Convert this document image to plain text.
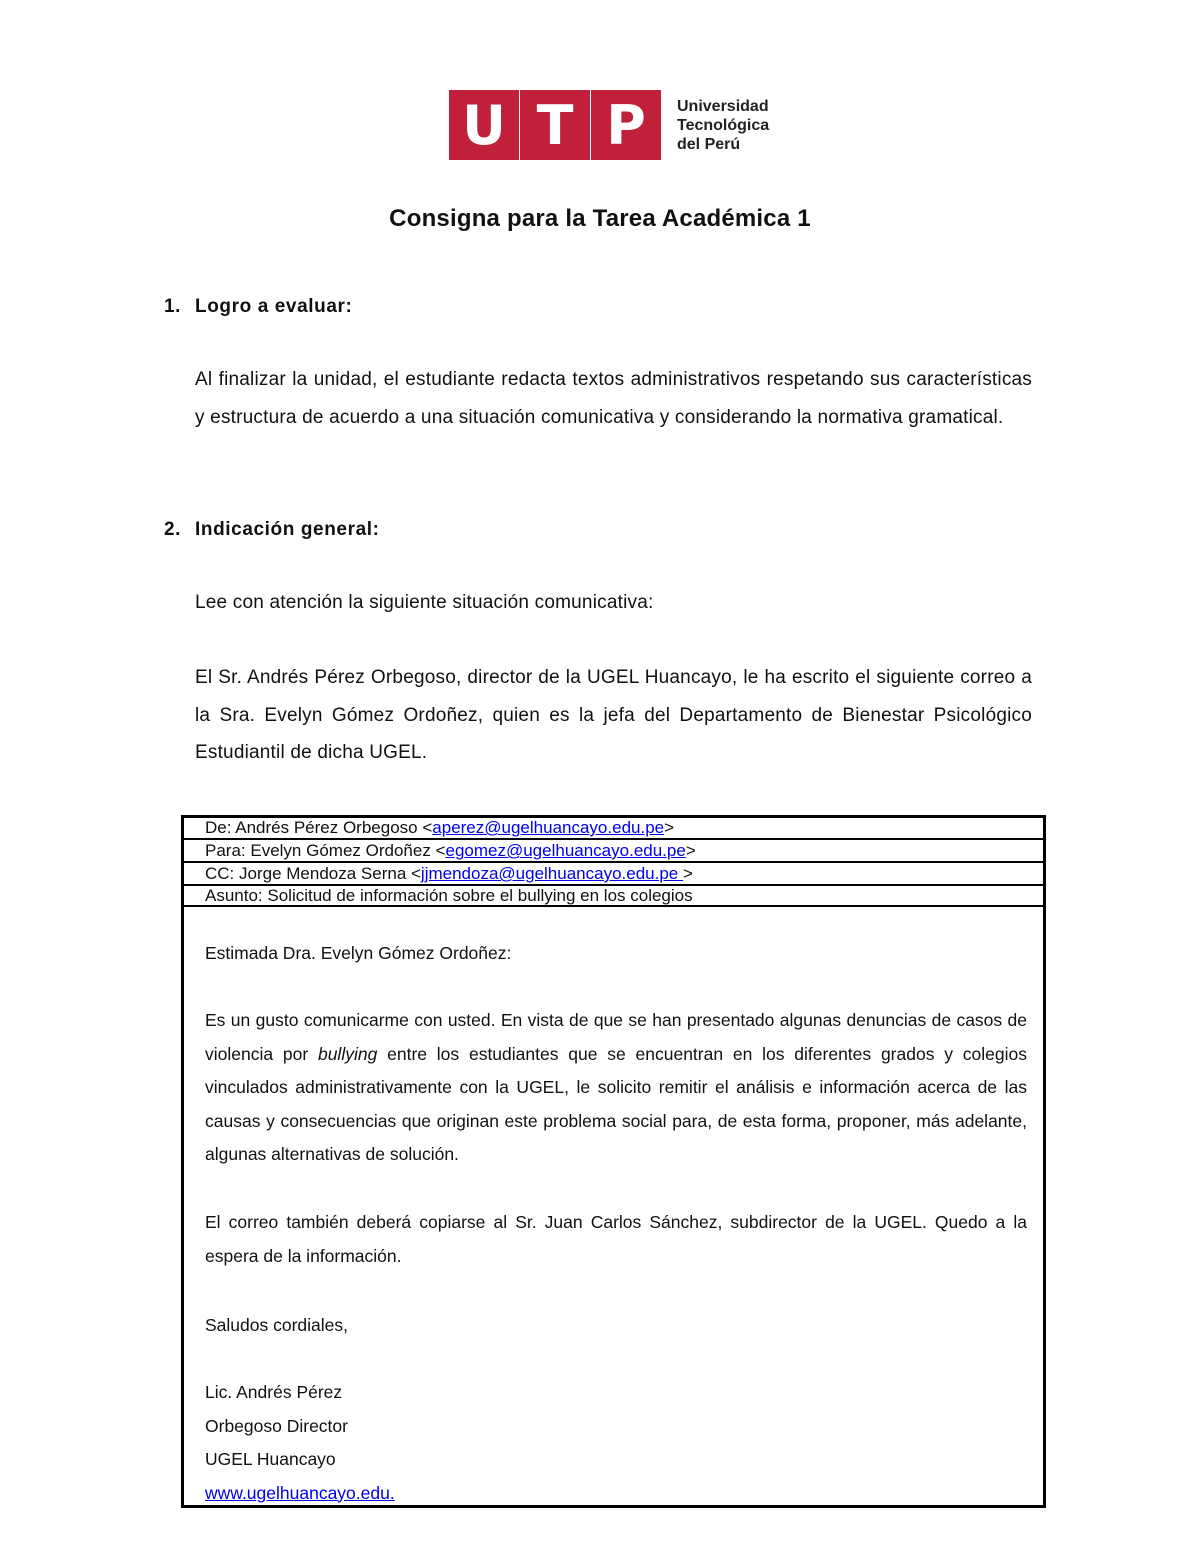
U T P	Universidad
Tecnológica
del Perú
Consigna para la Tarea Académica 1
1. Logro a evaluar:
Al finalizar la unidad, el estudiante redacta textos administrativos respetando sus características y estructura de acuerdo a una situación comunicativa y considerando la normativa gramatical.
2. Indicación general:
Lee con atención la siguiente situación comunicativa:
El Sr. Andrés Pérez Orbegoso, director de la UGEL Huancayo, le ha escrito el siguiente correo a la Sra. Evelyn Gómez Ordoñez, quien es la jefa del Departamento de Bienestar Psicológico Estudiantil de dicha UGEL.
De: Andrés Pérez Orbegoso <aperez@ugelhuancayo.edu.pe>
Para: Evelyn Gómez Ordoñez <egomez@ugelhuancayo.edu.pe>
CC: Jorge Mendoza Serna <jjmendoza@ugelhuancayo.edu.pe >
Asunto: Solicitud de información sobre el bullying en los colegios
Estimada Dra. Evelyn Gómez Ordoñez:
Es un gusto comunicarme con usted. En vista de que se han presentado algunas denuncias de casos de violencia por bullying entre los estudiantes que se encuentran en los diferentes grados y colegios vinculados administrativamente con la UGEL, le solicito remitir el análisis e información acerca de las causas y consecuencias que originan este problema social para, de esta forma, proponer, más adelante, algunas alternativas de solución.
El correo también deberá copiarse al Sr. Juan Carlos Sánchez, subdirector de la UGEL. Quedo a la espera de la información.
Saludos cordiales,
Lic. Andrés Pérez
Orbegoso Director
UGEL Huancayo
www.ugelhuancayo.edu.
